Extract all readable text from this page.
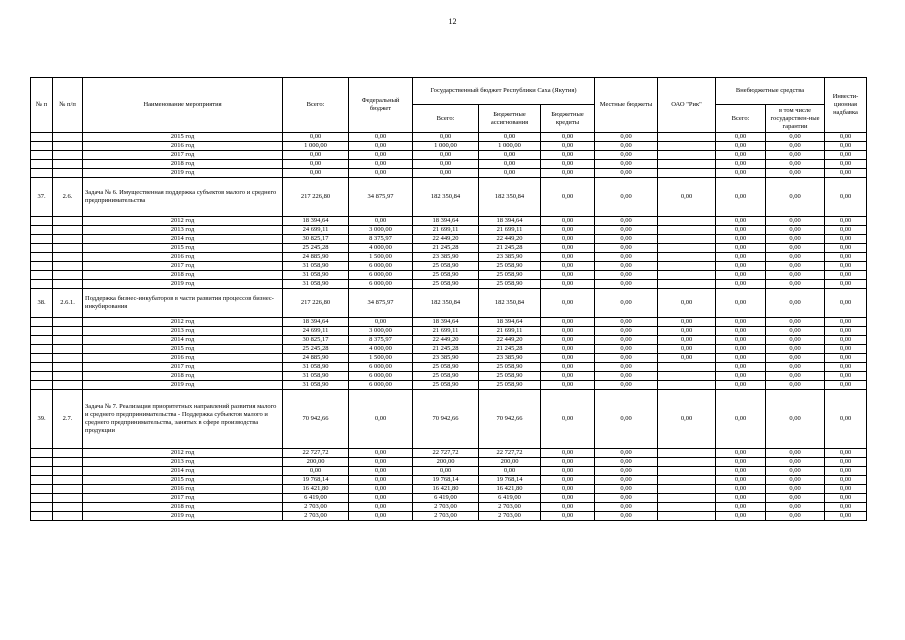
12
№ п	№ п/п	Наименование мероприятия	Всего:	Федеральный бюджет	Государственный бюджет Республики Саха (Якутия)			Местные бюджеты	ОАО "Рик"	Внебюджетные средства		Инвести-ционная надбавка
					Всего:	Бюджетные ассигнования	Бюджетные кредиты			Всего:	в том числе государствен-ные гарантии	
		2015 год	0,00	0,00	0,00	0,00	0,00	0,00		0,00	0,00	0,00
		2016 год	1 000,00	0,00	1 000,00	1 000,00	0,00	0,00		0,00	0,00	0,00
		2017 год	0,00	0,00	0,00	0,00	0,00	0,00		0,00	0,00	0,00
		2018 год	0,00	0,00	0,00	0,00	0,00	0,00		0,00	0,00	0,00
		2019 год	0,00	0,00	0,00	0,00	0,00	0,00		0,00	0,00	0,00
37.	2.6.	Задача № 6. Имущественная поддержка субъектов малого и среднего предпринимательства	217 226,80	34 875,97	182 350,84	182 350,84	0,00	0,00	0,00	0,00	0,00	0,00
		2012 год	18 394,64	0,00	18 394,64	18 394,64	0,00	0,00		0,00	0,00	0,00
		2013 год	24 699,11	3 000,00	21 699,11	21 699,11	0,00	0,00		0,00	0,00	0,00
		2014 год	30 825,17	8 375,97	22 449,20	22 449,20	0,00	0,00		0,00	0,00	0,00
		2015 год	25 245,28	4 000,00	21 245,28	21 245,28	0,00	0,00		0,00	0,00	0,00
		2016 год	24 885,90	1 500,00	23 385,90	23 385,90	0,00	0,00		0,00	0,00	0,00
		2017 год	31 058,90	6 000,00	25 058,90	25 058,90	0,00	0,00		0,00	0,00	0,00
		2018 год	31 058,90	6 000,00	25 058,90	25 058,90	0,00	0,00		0,00	0,00	0,00
		2019 год	31 058,90	6 000,00	25 058,90	25 058,90	0,00	0,00		0,00	0,00	0,00
38.	2.6.1.	Поддержка бизнес-инкубаторов в части развития процессов бизнес-инкубирования	217 226,80	34 875,97	182 350,84	182 350,84	0,00	0,00	0,00	0,00	0,00	0,00
		2012 год	18 394,64	0,00	18 394,64	18 394,64	0,00	0,00	0,00	0,00	0,00	0,00
		2013 год	24 699,11	3 000,00	21 699,11	21 699,11	0,00	0,00	0,00	0,00	0,00	0,00
		2014 год	30 825,17	8 375,97	22 449,20	22 449,20	0,00	0,00	0,00	0,00	0,00	0,00
		2015 год	25 245,28	4 000,00	21 245,28	21 245,28	0,00	0,00	0,00	0,00	0,00	0,00
		2016 год	24 885,90	1 500,00	23 385,90	23 385,90	0,00	0,00	0,00	0,00	0,00	0,00
		2017 год	31 058,90	6 000,00	25 058,90	25 058,90	0,00	0,00		0,00	0,00	0,00
		2018 год	31 058,90	6 000,00	25 058,90	25 058,90	0,00	0,00		0,00	0,00	0,00
		2019 год	31 058,90	6 000,00	25 058,90	25 058,90	0,00	0,00		0,00	0,00	0,00
39.	2.7.	Задача № 7. Реализация приоритетных направлений развития малого и среднего предпринимательства - Поддержка субъектов малого и среднего предпринимательства, занятых в сфере производства продукции	70 942,66	0,00	70 942,66	70 942,66	0,00	0,00	0,00	0,00	0,00	0,00
		2012 год	22 727,72	0,00	22 727,72	22 727,72	0,00	0,00		0,00	0,00	0,00
		2013 год	200,00	0,00	200,00	200,00	0,00	0,00		0,00	0,00	0,00
		2014 год	0,00	0,00	0,00	0,00	0,00	0,00		0,00	0,00	0,00
		2015 год	19 768,14	0,00	19 768,14	19 768,14	0,00	0,00		0,00	0,00	0,00
		2016 год	16 421,80	0,00	16 421,80	16 421,80	0,00	0,00		0,00	0,00	0,00
		2017 год	6 419,00	0,00	6 419,00	6 419,00	0,00	0,00		0,00	0,00	0,00
		2018 год	2 703,00	0,00	2 703,00	2 703,00	0,00	0,00		0,00	0,00	0,00
		2019 год	2 703,00	0,00	2 703,00	2 703,00	0,00	0,00		0,00	0,00	0,00
